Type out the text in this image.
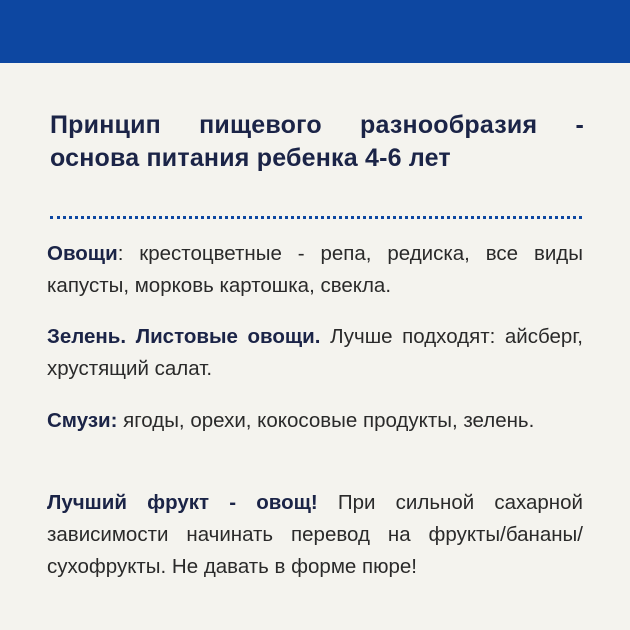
Принцип пищевого разнообразия - основа питания ребенка 4-6 лет
Овощи: крестоцветные - репа, редиска, все виды капусты, морковь картошка, свекла.
Зелень. Листовые овощи. Лучше подходят: айсберг, хрустящий салат.
Смузи: ягоды, орехи, кокосовые продукты, зелень.
Лучший фрукт - овощ! При сильной сахарной зависимости начинать перевод на фрукты/бананы/сухофрукты. Не давать в форме пюре!
